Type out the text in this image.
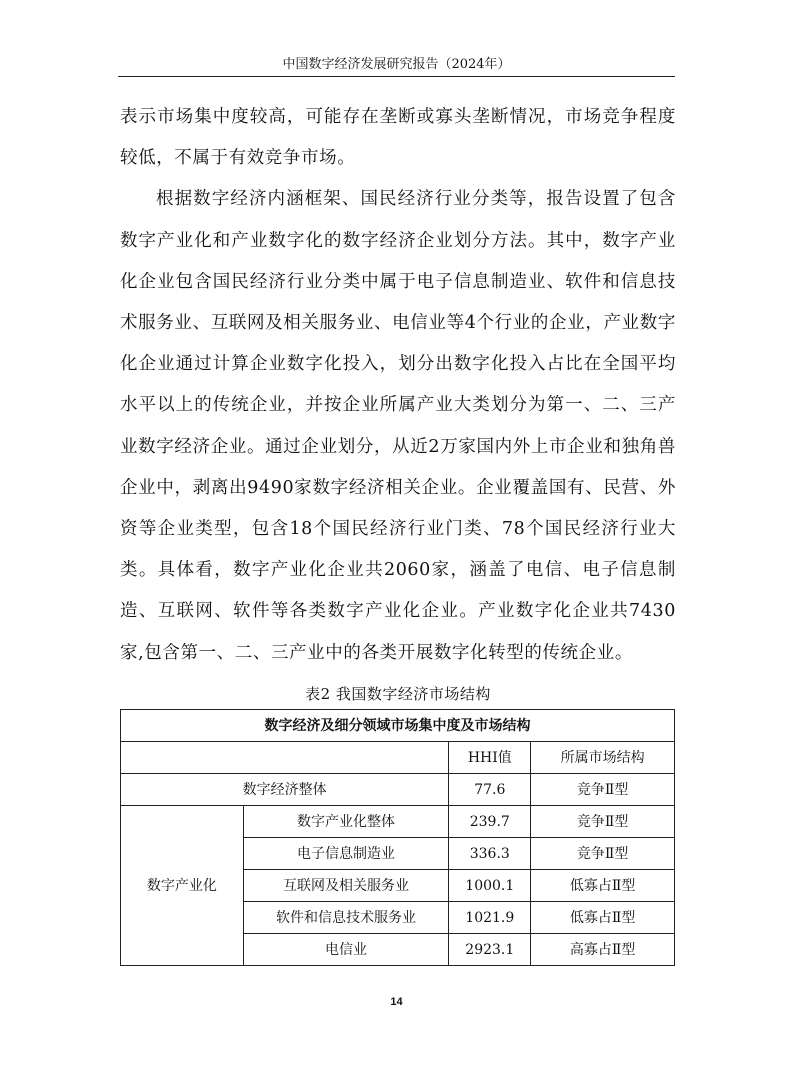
中国数字经济发展研究报告（2024年）

表示市场集中度较高，可能存在垄断或寡头垄断情况，市场竞争程度较低，不属于有效竞争市场。

根据数字经济内涵框架、国民经济行业分类等，报告设置了包含数字产业化和产业数字化的数字经济企业划分方法。其中，数字产业化企业包含国民经济行业分类中属于电子信息制造业、软件和信息技术服务业、互联网及相关服务业、电信业等4个行业的企业，产业数字化企业通过计算企业数字化投入，划分出数字化投入占比在全国平均水平以上的传统企业，并按企业所属产业大类划分为第一、二、三产业数字经济企业。通过企业划分，从近2万家国内外上市企业和独角兽企业中，剥离出9490家数字经济相关企业。企业覆盖国有、民营、外资等企业类型，包含18个国民经济行业门类、78个国民经济行业大类。具体看，数字产业化企业共2060家，涵盖了电信、电子信息制造、互联网、软件等各类数字产业化企业。产业数字化企业共7430家,包含第一、二、三产业中的各类开展数字化转型的传统企业。

表2 我国数字经济市场结构
数字经济及细分领域市场集中度及市场结构			
		HHI值	所属市场结构
数字经济整体		77.6	竞争Ⅱ型
数字产业化	数字产业化整体	239.7	竞争Ⅱ型
	电子信息制造业	336.3	竞争Ⅱ型
	互联网及相关服务业	1000.1	低寡占Ⅱ型
	软件和信息技术服务业	1021.9	低寡占Ⅱ型
	电信业	2923.1	高寡占Ⅱ型
14
